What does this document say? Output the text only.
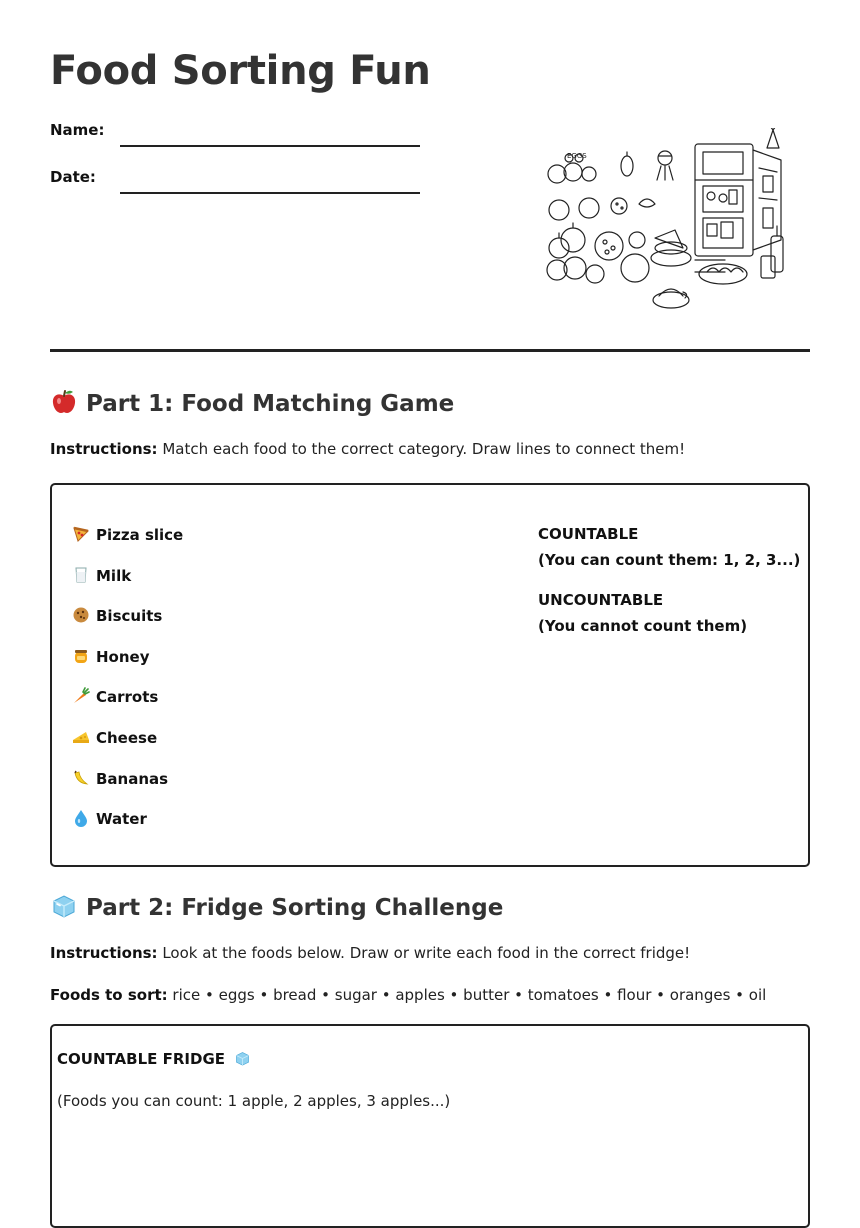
Food Sorting Fun
Name:
Date:
EGGS
Part 1: Food Matching Game
Instructions: Match each food to the correct category. Draw lines to connect them!
Pizza slice
Milk
Biscuits
Honey
Carrots
Cheese
Bananas
Water
COUNTABLE
(You can count them: 1, 2, 3...)
UNCOUNTABLE
(You cannot count them)
Part 2: Fridge Sorting Challenge
Instructions: Look at the foods below. Draw or write each food in the correct fridge!
Foods to sort: rice • eggs • bread • sugar • apples • butter • tomatoes • flour • oranges • oil
COUNTABLE FRIDGE
(Foods you can count: 1 apple, 2 apples, 3 apples...)
